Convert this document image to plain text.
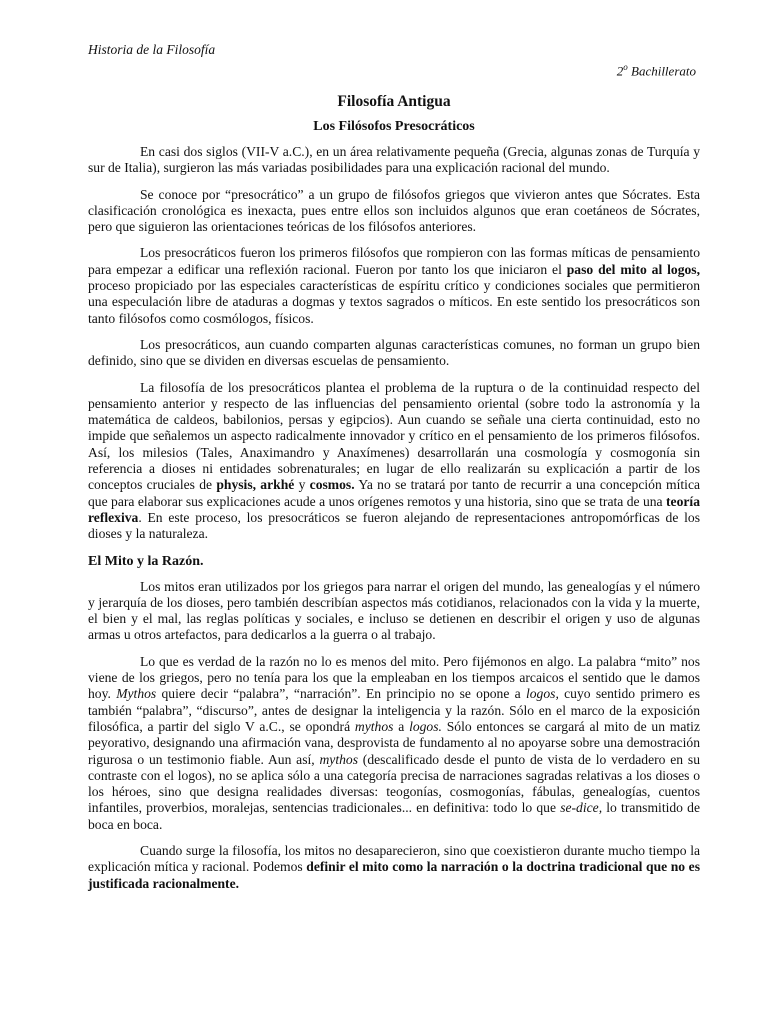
Historia de la Filosofía
2$^o$ Bachillerato
Filosofía Antigua
Los Filósofos Presocráticos

En casi dos siglos (VII-V a.C.), en un área relativamente pequeña (Grecia, algunas zonas de Turquía y sur de Italia), surgieron las más variadas posibilidades para una explicación racional del mundo.

Se conoce por “presocrático” a un grupo de filósofos griegos que vivieron antes que Sócrates. Esta clasificación cronológica es inexacta, pues entre ellos son incluidos algunos que eran coetáneos de Sócrates, pero que siguieron las orientaciones teóricas de los filósofos anteriores.

Los presocráticos fueron los primeros filósofos que rompieron con las formas míticas de pensamiento para empezar a edificar una reflexión racional. Fueron por tanto los que iniciaron el paso del mito al logos, proceso propiciado por las especiales características de espíritu crítico y condiciones sociales que permitieron una especulación libre de ataduras a dogmas y textos sagrados o míticos. En este sentido los presocráticos son tanto filósofos como cosmólogos, físicos.

Los presocráticos, aun cuando comparten algunas características comunes, no forman un grupo bien definido, sino que se dividen en diversas escuelas de pensamiento.

La filosofía de los presocráticos plantea el problema de la ruptura o de la continuidad respecto del pensamiento anterior y respecto de las influencias del pensamiento oriental (sobre todo la astronomía y la matemática de caldeos, babilonios, persas y egipcios). Aun cuando se señale una cierta continuidad, esto no impide que señalemos un aspecto radicalmente innovador y crítico en el pensamiento de los primeros filósofos. Así, los milesios (Tales, Anaximandro y Anaxímenes) desarrollarán una cosmología y cosmogonía sin referencia a dioses ni entidades sobrenaturales; en lugar de ello realizarán su explicación a partir de los conceptos cruciales de physis, arkhé y cosmos. Ya no se tratará por tanto de recurrir a una concepción mítica que para elaborar sus explicaciones acude a unos orígenes remotos y una historia, sino que se trata de una teoría reflexiva. En este proceso, los presocráticos se fueron alejando de representaciones antropomórficas de los dioses y la naturaleza.

El Mito y la Razón.

Los mitos eran utilizados por los griegos para narrar el origen del mundo, las genealogías y el número y jerarquía de los dioses, pero también describían aspectos más cotidianos, relacionados con la vida y la muerte, el bien y el mal, las reglas políticas y sociales, e incluso se detienen en describir el origen y uso de algunas armas u otros artefactos, para dedicarlos a la guerra o al trabajo.

Lo que es verdad de la razón no lo es menos del mito. Pero fijémonos en algo. La palabra “mito” nos viene de los griegos, pero no tenía para los que la empleaban en los tiempos arcaicos el sentido que le damos hoy. Mythos quiere decir “palabra”, “narración”. En principio no se opone a logos, cuyo sentido primero es también “palabra”, “discurso”, antes de designar la inteligencia y la razón. Sólo en el marco de la exposición filosófica, a partir del siglo V a.C., se opondrá mythos a logos. Sólo entonces se cargará al mito de un matiz peyorativo, designando una afirmación vana, desprovista de fundamento al no apoyarse sobre una demostración rigurosa o un testimonio fiable. Aun así, mythos (descalificado desde el punto de vista de lo verdadero en su contraste con el logos), no se aplica sólo a una categoría precisa de narraciones sagradas relativas a los dioses o los héroes, sino que designa realidades diversas: teogonías, cosmogonías, fábulas, genealogías, cuentos infantiles, proverbios, moralejas, sentencias tradicionales... en definitiva: todo lo que se-dice, lo transmitido de boca en boca.

Cuando surge la filosofía, los mitos no desaparecieron, sino que coexistieron durante mucho tiempo la explicación mítica y racional. Podemos definir el mito como la narración o la doctrina tradicional que no es justificada racionalmente.
